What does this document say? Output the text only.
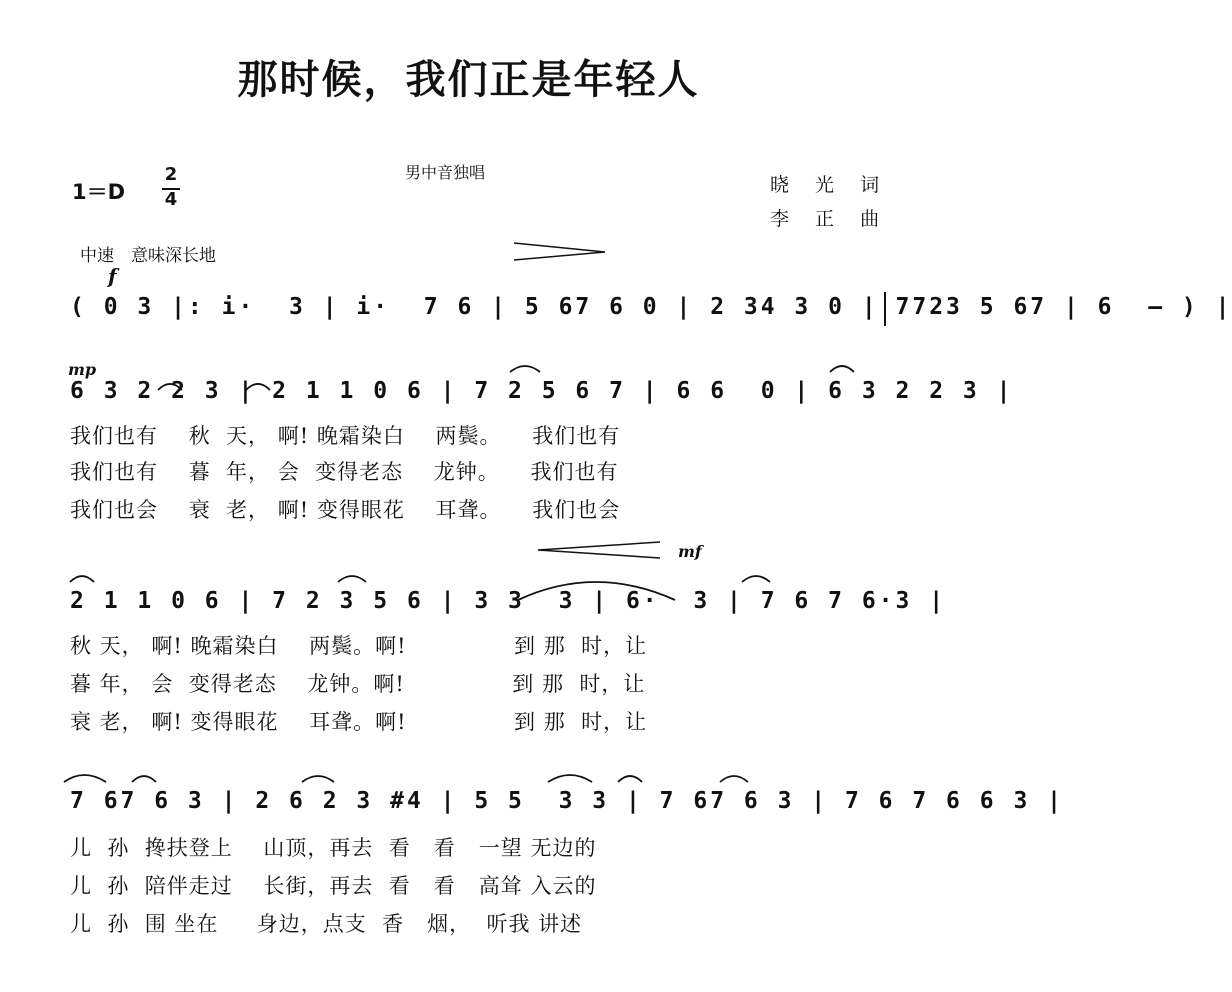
那时候，我们正是年轻人
男中音独唱
晓 光 词
李 正 曲
1＝D
2
4
中速　意味深长地
f
( 0 3 |: i·  3 | i·  7 6 | 5 67 6 0 | 2 34 3 0 | 7723 5 67 | 6  — ) |
mp
6 3 2 2 3 | 2 1 1 0 6 | 7 2 5 6 7 | 6 6  0 | 6 3 2 2 3 |
我们也有    秋  天， 啊! 晚霜染白    两鬓。    我们也有
我们也有    暮  年， 会  变得老态    龙钟。    我们也有
我们也会    衰  老， 啊! 变得眼花    耳聋。    我们也会
mf
2 1 1 0 6 | 7 2 3 5 6 | 3 3  3 | 6·  3 | 7 6 7 6·3 |
秋 天， 啊! 晚霜染白    两鬓。啊!              到 那  时，让
暮 年， 会  变得老态    龙钟。啊!              到 那  时，让
衰 老， 啊! 变得眼花    耳聋。啊!              到 那  时，让
7 67 6 3 | 2 6 2 3 #4 | 5 5  3 3 | 7 67 6 3 | 7 6 7 6 6 3 |
儿  孙  搀扶登上    山顶，再去  看   看   一望 无边的
儿  孙  陪伴走过    长街，再去  看   看   高耸 入云的
儿  孙  围 坐在     身边，点支  香   烟，  听我 讲述
